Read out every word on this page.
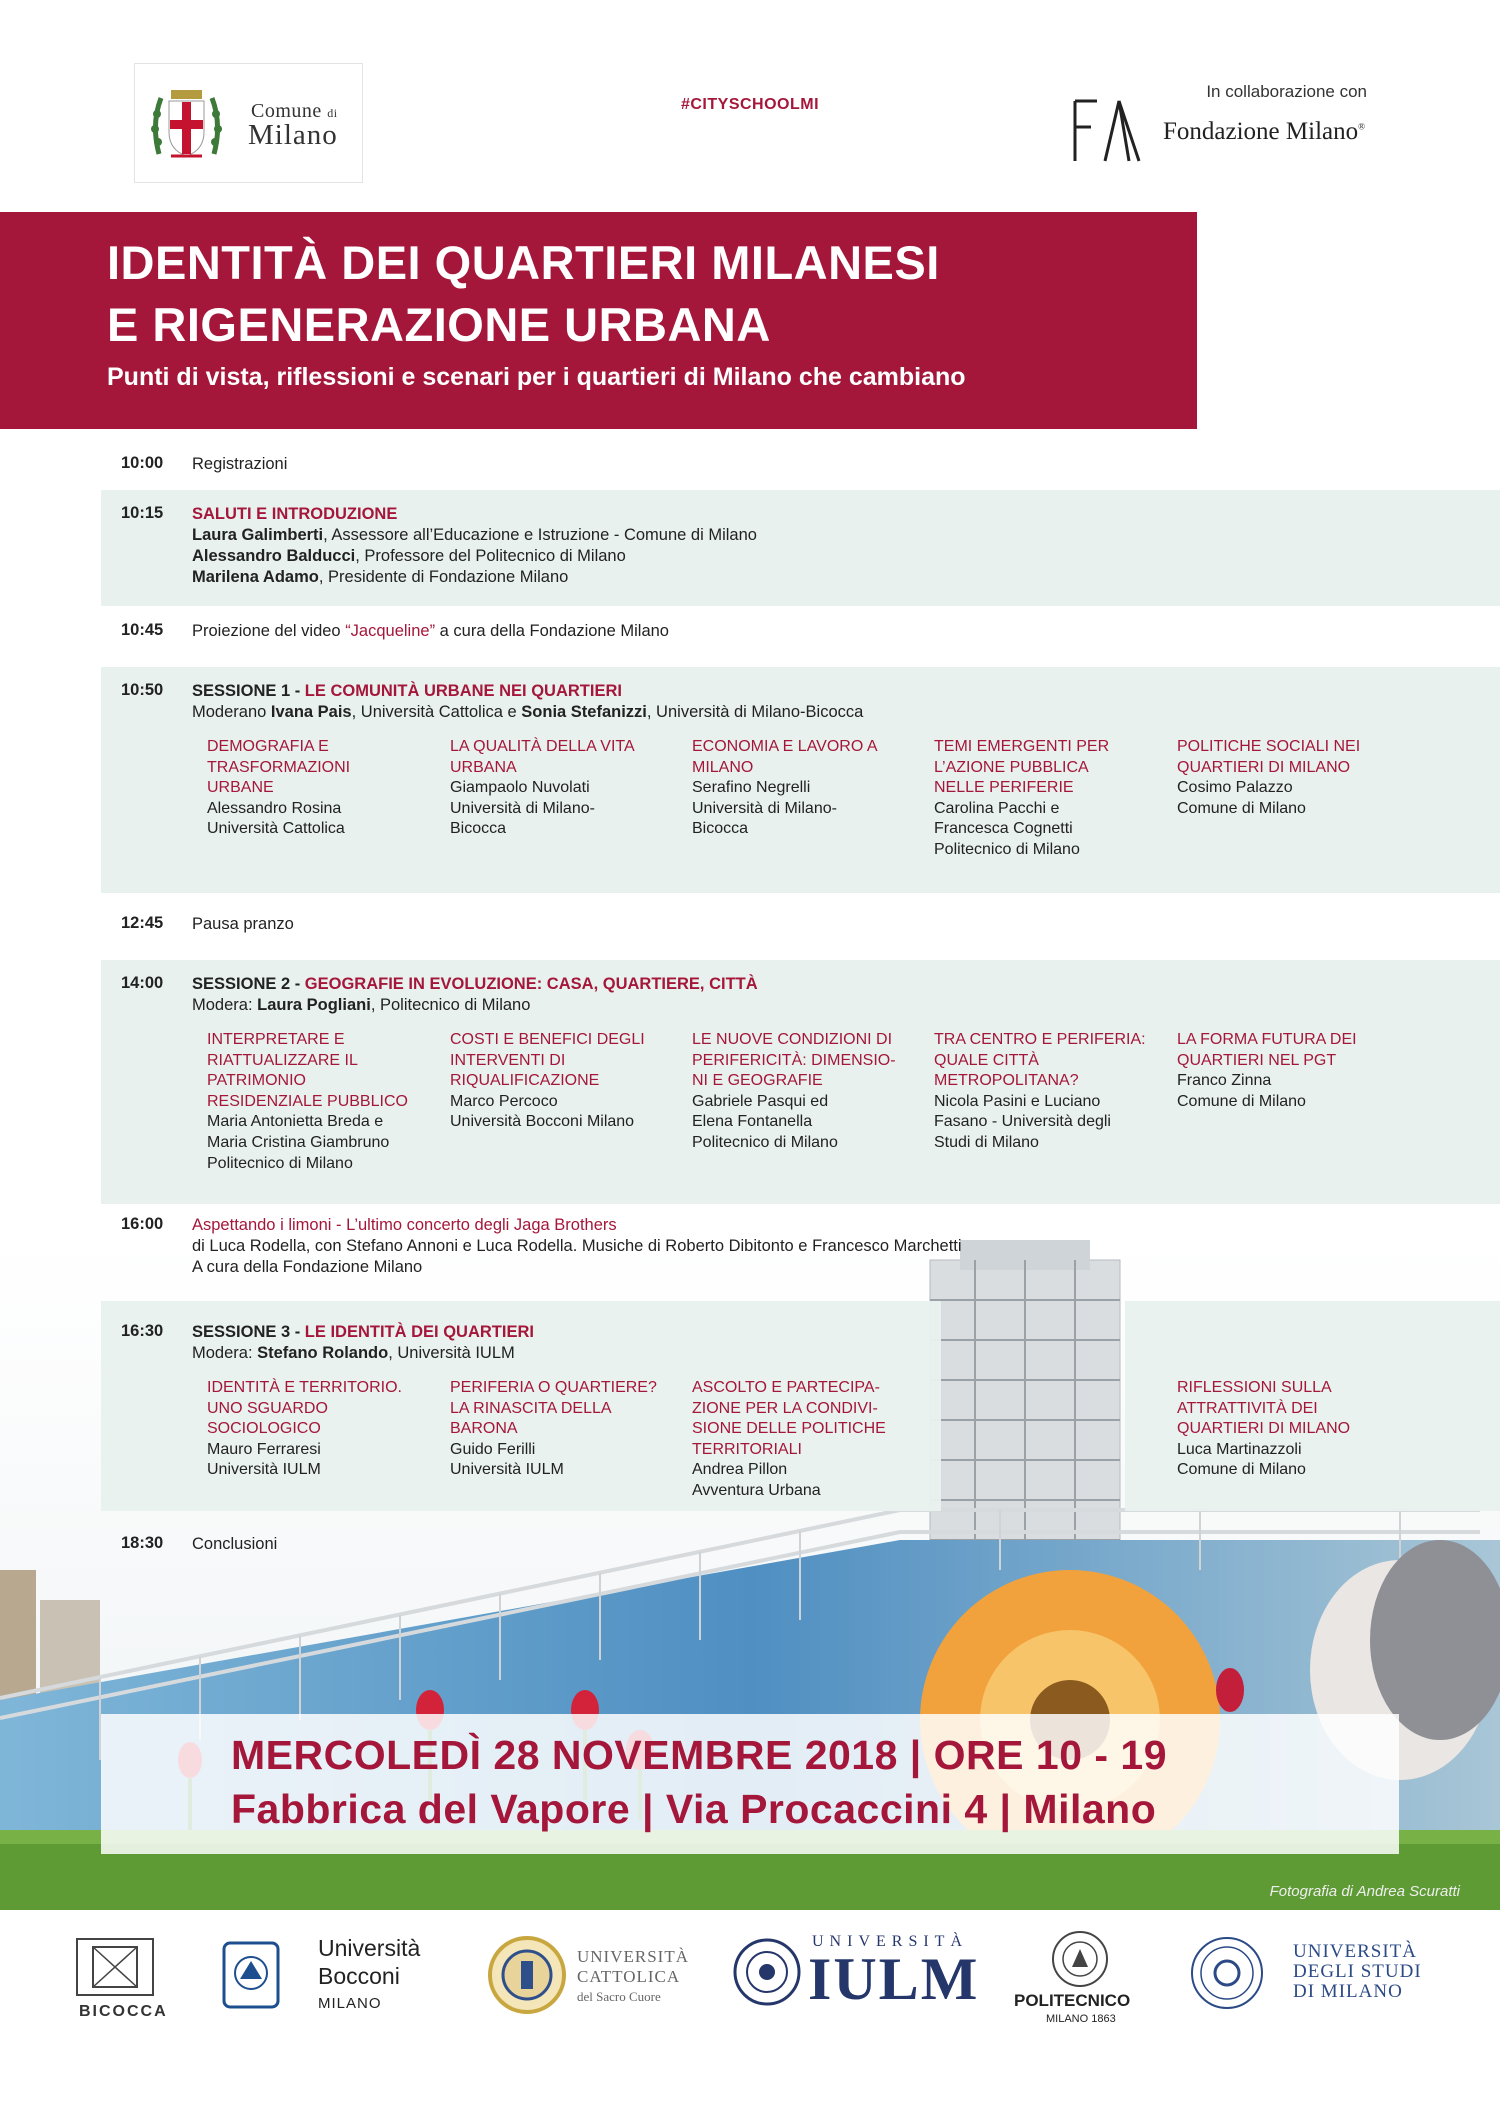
Comune di
Milano
#CITYSCHOOLMI
In collaborazione con
Fondazione Milano®
IDENTITÀ DEI QUARTIERI MILANESI
E RIGENERAZIONE URBANA
Punti di vista, riflessioni e scenari per i quartieri di Milano che cambiano
10:00 Registrazioni
10:15 SALUTI E INTRODUZIONE
Laura Galimberti, Assessore all’Educazione e Istruzione - Comune di Milano
Alessandro Balducci, Professore del Politecnico di Milano
Marilena Adamo, Presidente di Fondazione Milano
10:45 Proiezione del video “Jacqueline” a cura della Fondazione Milano
10:50 SESSIONE 1 - LE COMUNITÀ URBANE NEI QUARTIERI
Moderano Ivana Pais, Università Cattolica e Sonia Stefanizzi, Università di Milano-Bicocca
DEMOGRAFIA E
TRASFORMAZIONI
URBANE
Alessandro Rosina
Università Cattolica
LA QUALITÀ DELLA VITA
URBANA
Giampaolo Nuvolati
Università di Milano-
Bicocca
ECONOMIA E LAVORO A
MILANO
Serafino Negrelli
Università di Milano-
Bicocca
TEMI EMERGENTI PER
L’AZIONE PUBBLICA
NELLE PERIFERIE
Carolina Pacchi e
Francesca Cognetti
Politecnico di Milano
POLITICHE SOCIALI NEI
QUARTIERI DI MILANO
Cosimo Palazzo
Comune di Milano
12:45 Pausa pranzo
14:00 SESSIONE 2 - GEOGRAFIE IN EVOLUZIONE: CASA, QUARTIERE, CITTÀ
Modera: Laura Pogliani, Politecnico di Milano
INTERPRETARE E
RIATTUALIZZARE IL
PATRIMONIO
RESIDENZIALE PUBBLICO
Maria Antonietta Breda e
Maria Cristina Giambruno
Politecnico di Milano
COSTI E BENEFICI DEGLI
INTERVENTI DI
RIQUALIFICAZIONE
Marco Percoco
Università Bocconi Milano
LE NUOVE CONDIZIONI DI
PERIFERICITÀ: DIMENSIO-
NI E GEOGRAFIE
Gabriele Pasqui ed
Elena Fontanella
Politecnico di Milano
TRA CENTRO E PERIFERIA:
QUALE CITTÀ
METROPOLITANA?
Nicola Pasini e Luciano
Fasano - Università degli
Studi di Milano
LA FORMA FUTURA DEI
QUARTIERI NEL PGT
Franco Zinna
Comune di Milano
16:00 Aspettando i limoni - L’ultimo concerto degli Jaga Brothers
di Luca Rodella, con Stefano Annoni e Luca Rodella. Musiche di Roberto Dibitonto e Francesco Marchetti
A cura della Fondazione Milano
16:30 SESSIONE 3 - LE IDENTITÀ DEI QUARTIERI
Modera: Stefano Rolando, Università IULM
IDENTITÀ E TERRITORIO.
UNO SGUARDO
SOCIOLOGICO
Mauro Ferraresi
Università IULM
PERIFERIA O QUARTIERE?
LA RINASCITA DELLA
BARONA
Guido Ferilli
Università IULM
ASCOLTO E PARTECIPA-
ZIONE PER LA CONDIVI-
SIONE DELLE POLITICHE
TERRITORIALI
Andrea Pillon
Avventura Urbana
RIFLESSIONI SULLA
ATTRATTIVITÀ DEI
QUARTIERI DI MILANO
Luca Martinazzoli
Comune di Milano
18:30 Conclusioni
MERCOLEDÌ 28 NOVEMBRE 2018 | ORE 10 - 19
Fabbrica del Vapore | Via Procaccini 4 | Milano
Fotografia di Andrea Scuratti
BICOCCA
Università
Bocconi
MILANO
UNIVERSITÀ
CATTOLICA
del Sacro Cuore
UNIVERSITÀ
IULM POLITECNICO
MILANO 1863
UNIVERSITÀ
DEGLI STUDI
DI MILANO
